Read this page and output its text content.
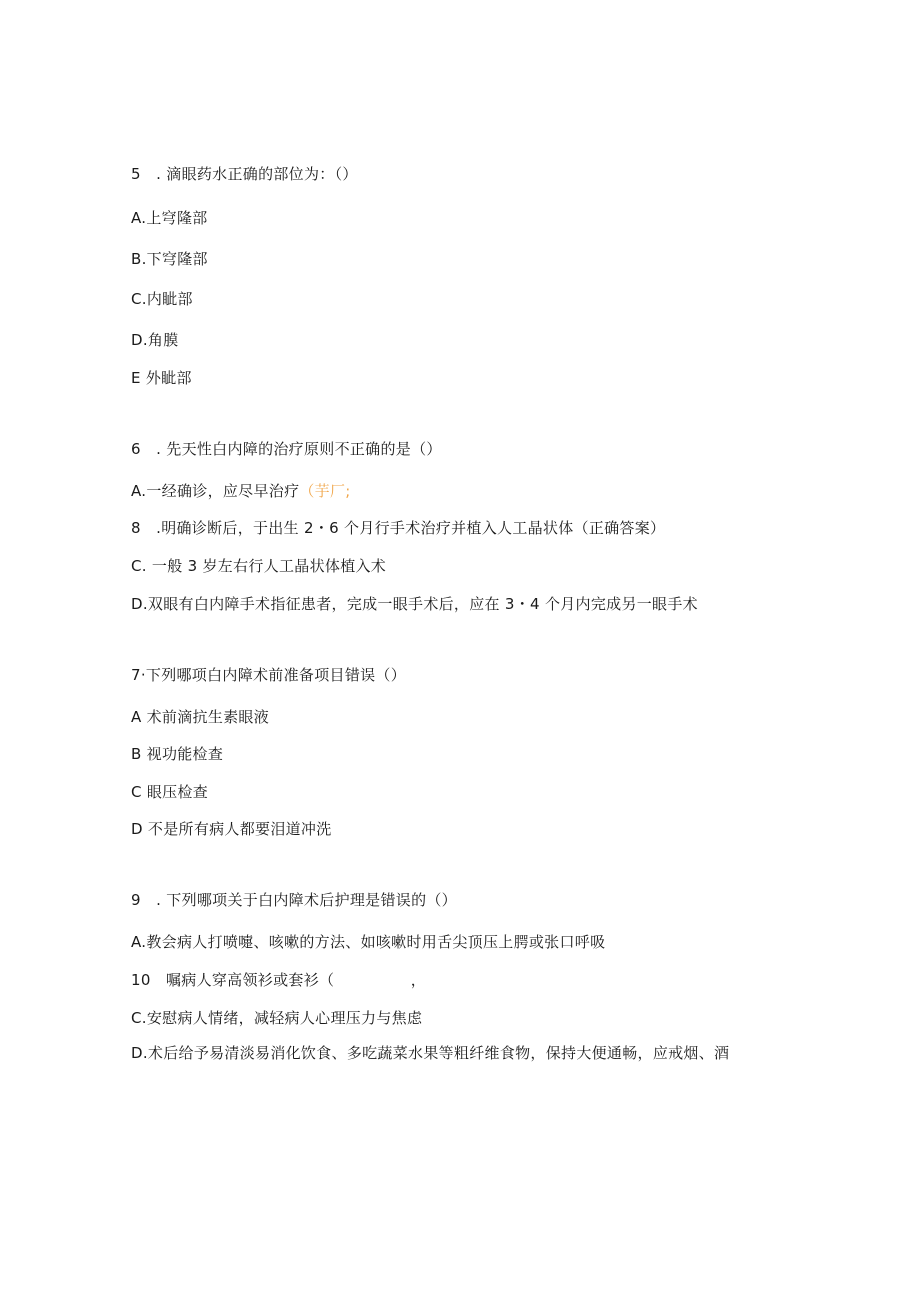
5　. 滴眼药水正确的部位为：（）
A.上穹隆部
B.下穹隆部
C.内眦部
D.角膜
E 外眦部
6　. 先天性白内障的治疗原则不正确的是（）
A.一经确诊，应尽早治疗（芋厂;
8　.明确诊断后，于出生 2・6 个月行手术治疗并植入人工晶状体（正确答案）
C. 一般 3 岁左右行人工晶状体植入术
D.双眼有白内障手术指征患者，完成一眼手术后，应在 3・4 个月内完成另一眼手术
7·下列哪项白内障术前准备项目错误（）
A 术前滴抗生素眼液
B 视功能检查
C 眼压检查
D 不是所有病人都要泪道冲洗
9　. 下列哪项关于白内障术后护理是错误的（）
A.教会病人打喷嚏、咳嗽的方法、如咳嗽时用舌尖顶压上腭或张口呼吸
10　嘱病人穿高领衫或套衫（　　　　　，
C.安慰病人情绪，减轻病人心理压力与焦虑
D.术后给予易清淡易消化饮食、多吃蔬菜水果等粗纤维食物，保持大便通畅，应戒烟、酒
